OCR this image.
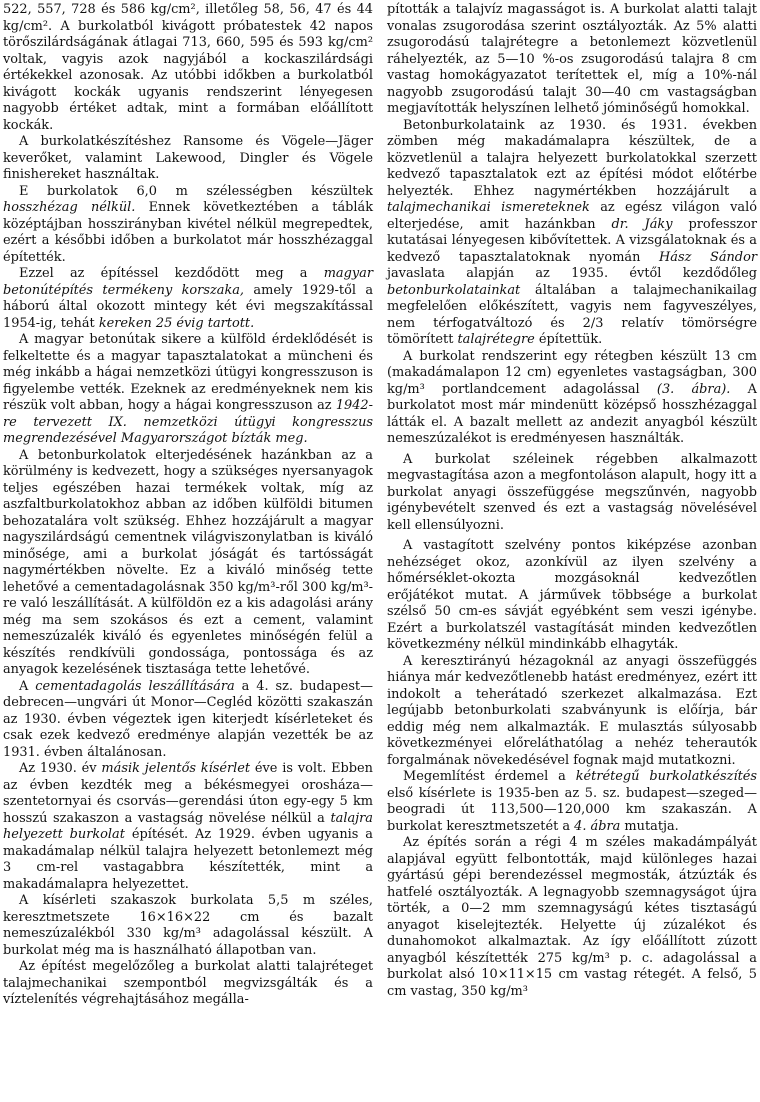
522, 557, 728 és 586 kg/cm², illetőleg 58, 56, 47 és 44 kg/cm². A burkolatból kivágott próbatestek 42 napos törőszilárdságának átlagai 713, 660, 595 és 593 kg/cm² voltak, vagyis azok nagyjából a kockaszilárdsági értékekkel azonosak. Az utóbbi időkben a burkolatból kivágott kockák ugyanis rendszerint lényegesen nagyobb értéket adtak, mint a formában előállított kockák.

A burkolatkészítéshez Ransome és Vögele—Jäger keverőket, valamint Lakewood, Dingler és Vögele finishereket használtak.

E burkolatok 6,0 m szélességben készültek hosszhézag nélkül. Ennek következtében a táblák középtájban hosszirányban kivétel nélkül megrepedtek, ezért a későbbi időben a burkolatot már hosszhézaggal építették.

Ezzel az építéssel kezdődött meg a magyar betonútépítés termékeny korszaka, amely 1929-től a háború által okozott mintegy két évi megszakítással 1954-ig, tehát kereken 25 évig tartott.

A magyar betonútak sikere a külföld érdeklődését is felkeltette és a magyar tapasztalatokat a müncheni és még inkább a hágai nemzetközi útügyi kongresszuson is figyelembe vették. Ezeknek az eredményeknek nem kis részük volt abban, hogy a hágai kongresszuson az 1942-re tervezett IX. nemzetközi útügyi kongresszus megrendezésével Magyarországot bízták meg.

A betonburkolatok elterjedésének hazánkban az a körülmény is kedvezett, hogy a szükséges nyersanyagok teljes egészében hazai termékek voltak, míg az aszfaltburkolatokhoz abban az időben külföldi bitumen behozatalára volt szükség. Ehhez hozzájárult a magyar nagyszilárdságú cementnek világviszonylatban is kiváló minősége, ami a burkolat jóságát és tartósságát nagymértékben növelte. Ez a kiváló minőség tette lehetővé a cementadagolásnak 350 kg/m³-ről 300 kg/m³-re való leszállítását. A külföldön ez a kis adagolási arány még ma sem szokásos és ezt a cement, valamint nemeszúzalék kiváló és egyenletes minőségén felül a készítés rendkívüli gondossága, pontossága és az anyagok kezelésének tisztasága tette lehetővé.

A cementadagolás leszállítására a 4. sz. budapest—debrecen—ungvári út Monor—Cegléd közötti szakaszán az 1930. évben végeztek igen kiterjedt kísérleteket és csak ezek kedvező eredménye alapján vezették be az 1931. évben általánosan.

Az 1930. év másik jelentős kísérlet éve is volt. Ebben az évben kezdték meg a békésmegyei orosháza—szentetornyai és csorvás—gerendási úton egy-egy 5 km hosszú szakaszon a vastagság növelése nélkül a talajra helyezett burkolat építését. Az 1929. évben ugyanis a makadámalap nélkül talajra helyezett betonlemezt még 3 cm-rel vastagabbra készítették, mint a makadámalapra helyezettet.

A kísérleti szakaszok burkolata 5,5 m széles, keresztmetszete 16×16×22 cm és bazalt nemeszúzalékból 330 kg/m³ adagolással készült. A burkolat még ma is használható állapotban van.

Az építést megelőzőleg a burkolat alatti talajréteget talajmechanikai szempontból megvizsgálták és a víztelenítés végrehajtásához megálla-

pították a talajvíz magasságot is. A burkolat alatti talajt vonalas zsugorodása szerint osztályozták. Az 5% alatti zsugorodású talajrétegre a betonlemezt közvetlenül ráhelyezték, az 5—10 %-os zsugorodású talajra 8 cm vastag homokágyazatot terítettek el, míg a 10%-nál nagyobb zsugorodású talajt 30—40 cm vastagságban megjavították helyszínen lelhető jóminőségű homokkal.

Betonburkolataink az 1930. és 1931. években zömben még makadámalapra készültek, de a közvetlenül a talajra helyezett burkolatokkal szerzett kedvező tapasztalatok ezt az építési módot előtérbe helyezték. Ehhez nagymértékben hozzájárult a talajmechanikai ismereteknek az egész világon való elterjedése, amit hazánkban dr. Jáky professzor kutatásai lényegesen kibővítettek. A vizsgálatoknak és a kedvező tapasztalatoknak nyomán Hász Sándor javaslata alapján az 1935. évtől kezdődőleg betonburkolatainkat általában a talajmechanikailag megfelelően előkészített, vagyis nem fagyveszélyes, nem térfogatváltozó és 2/3 relatív tömörségre tömörített talajrétegre építettük.

A burkolat rendszerint egy rétegben készült 13 cm (makadámalapon 12 cm) egyenletes vastagságban, 300 kg/m³ portlandcement adagolással (3. ábra). A burkolatot most már mindenütt középső hosszhézaggal látták el. A bazalt mellett az andezit anyagból készült nemeszúzalékot is eredményesen használták.

A burkolat széleinek régebben alkalmazott megvastagítása azon a megfontoláson alapult, hogy itt a burkolat anyagi összefüggése megszűnvén, nagyobb igénybevételt szenved és ezt a vastagság növelésével kell ellensúlyozni.

A vastagított szelvény pontos kiképzése azonban nehézséget okoz, azonkívül az ilyen szelvény a hőmérséklet-okozta mozgásoknál kedvezőtlen erőjátékot mutat. A járművek többsége a burkolat szélső 50 cm-es sávját egyébként sem veszi igénybe. Ezért a burkolatszél vastagítását minden kedvezőtlen következmény nélkül mindinkább elhagyták.

A keresztirányú hézagoknál az anyagi összefüggés hiánya már kedvezőtlenebb hatást eredményez, ezért itt indokolt a teherátadó szerkezet alkalmazása. Ezt legújabb betonburkolati szabványunk is előírja, bár eddig még nem alkalmazták. E mulasztás súlyosabb következményei előreláthatólag a nehéz teherautók forgalmának növekedésével fognak majd mutatkozni.

Megemlítést érdemel a kétrétegű burkolatkészítés első kísérlete is 1935-ben az 5. sz. budapest—szeged—beogradi út 113,500—120,000 km szakaszán. A burkolat keresztmetszetét a 4. ábra mutatja.

Az építés során a régi 4 m széles makadámpályát alapjával együtt felbontották, majd különleges hazai gyártású gépi berendezéssel megmosták, átzúzták és hatfelé osztályozták. A legnagyobb szemnagyságot újra törték, a 0—2 mm szemnagyságú kétes tisztaságú anyagot kiselejtezték. Helyette új zúzalékot és dunahomokot alkalmaztak. Az így előállított zúzott anyagból készítették 275 kg/m³ p. c. adagolással a burkolat alsó 10×11×15 cm vastag rétegét. A felső, 5 cm vastag, 350 kg/m³
